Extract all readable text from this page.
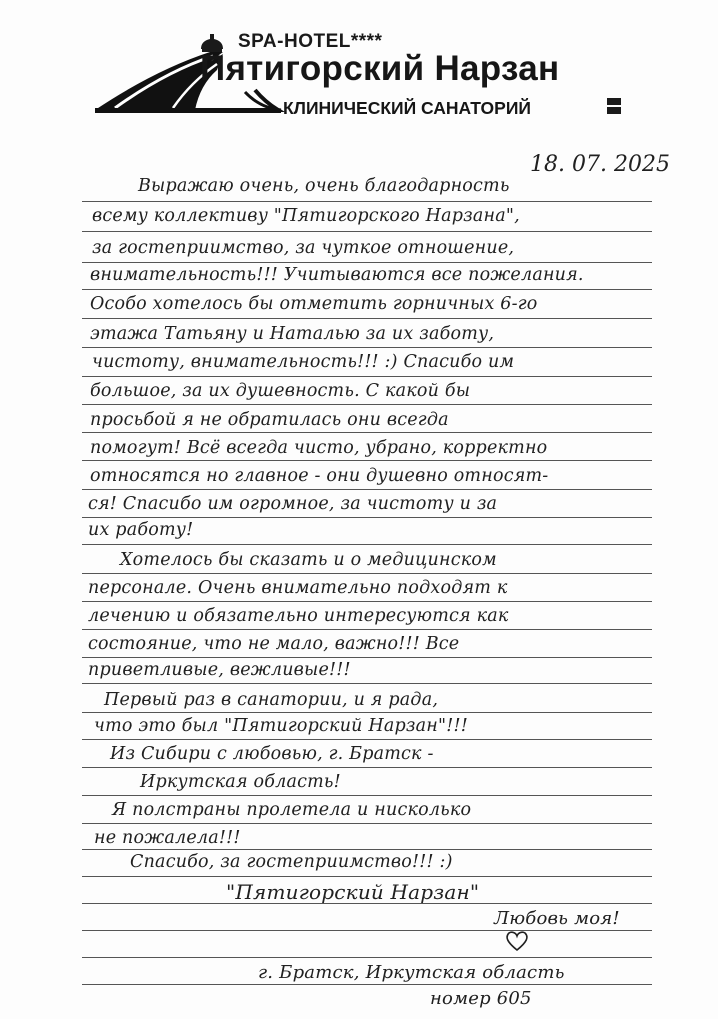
SPA-HOTEL****
Пятигорский Нарзан
КЛИНИЧЕСКИЙ САНАТОРИЙ
18. 07. 2025
Выражаю очень, очень благодарность
всему коллективу "Пятигорского Нарзана",
за гостеприимство, за чуткое отношение,
внимательность!!! Учитываются все пожелания.
Особо хотелось бы отметить горничных 6-го
этажа Татьяну и Наталью за их заботу,
чистоту, внимательность!!! :) Спасибо им
большое, за их душевность. С какой бы
просьбой я не обратилась они всегда
помогут! Всё всегда чисто, убрано, корректно
относятся но главное - они душевно относят-
ся! Спасибо им огромное, за чистоту и за
их работу!
Хотелось бы сказать и о медицинском
персонале. Очень внимательно подходят к
лечению и обязательно интересуются как
состояние, что не мало, важно!!! Все
приветливые, вежливые!!!
Первый раз в санатории, и я рада,
что это был "Пятигорский Нарзан"!!!
Из Сибири с любовью, г. Братск -
Иркутская область!
Я полстраны пролетела и нисколько
не пожалела!!!
Спасибо, за гостеприимство!!! :)
"Пятигорский Нарзан"
Любовь моя!
г. Братск, Иркутская область
номер 605
